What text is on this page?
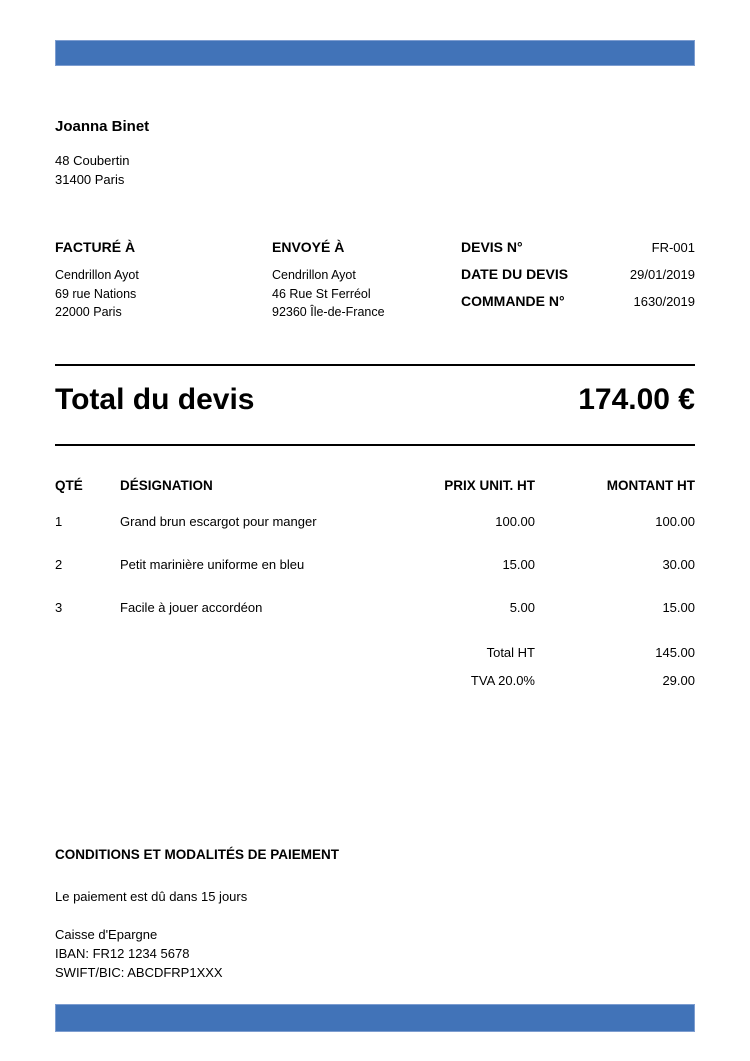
Joanna Binet
48 Coubertin
31400 Paris
FACTURÉ À
Cendrillon Ayot
69 rue Nations
22000 Paris
ENVOYÉ À
Cendrillon Ayot
46 Rue St Ferréol
92360 Île-de-France
DEVIS N°	FR-001
DATE DU DEVIS	29/01/2019
COMMANDE N°	1630/2019
Total du devis	174.00 €
QTÉ	DÉSIGNATION	PRIX UNIT. HT	MONTANT HT
1	Grand brun escargot pour manger	100.00	100.00
2	Petit marinière uniforme en bleu	15.00	30.00
3	Facile à jouer accordéon	5.00	15.00
Total HT	145.00
TVA 20.0%	29.00
CONDITIONS ET MODALITÉS DE PAIEMENT
Le paiement est dû dans 15 jours
Caisse d'Epargne
IBAN: FR12 1234 5678
SWIFT/BIC: ABCDFRP1XXX
